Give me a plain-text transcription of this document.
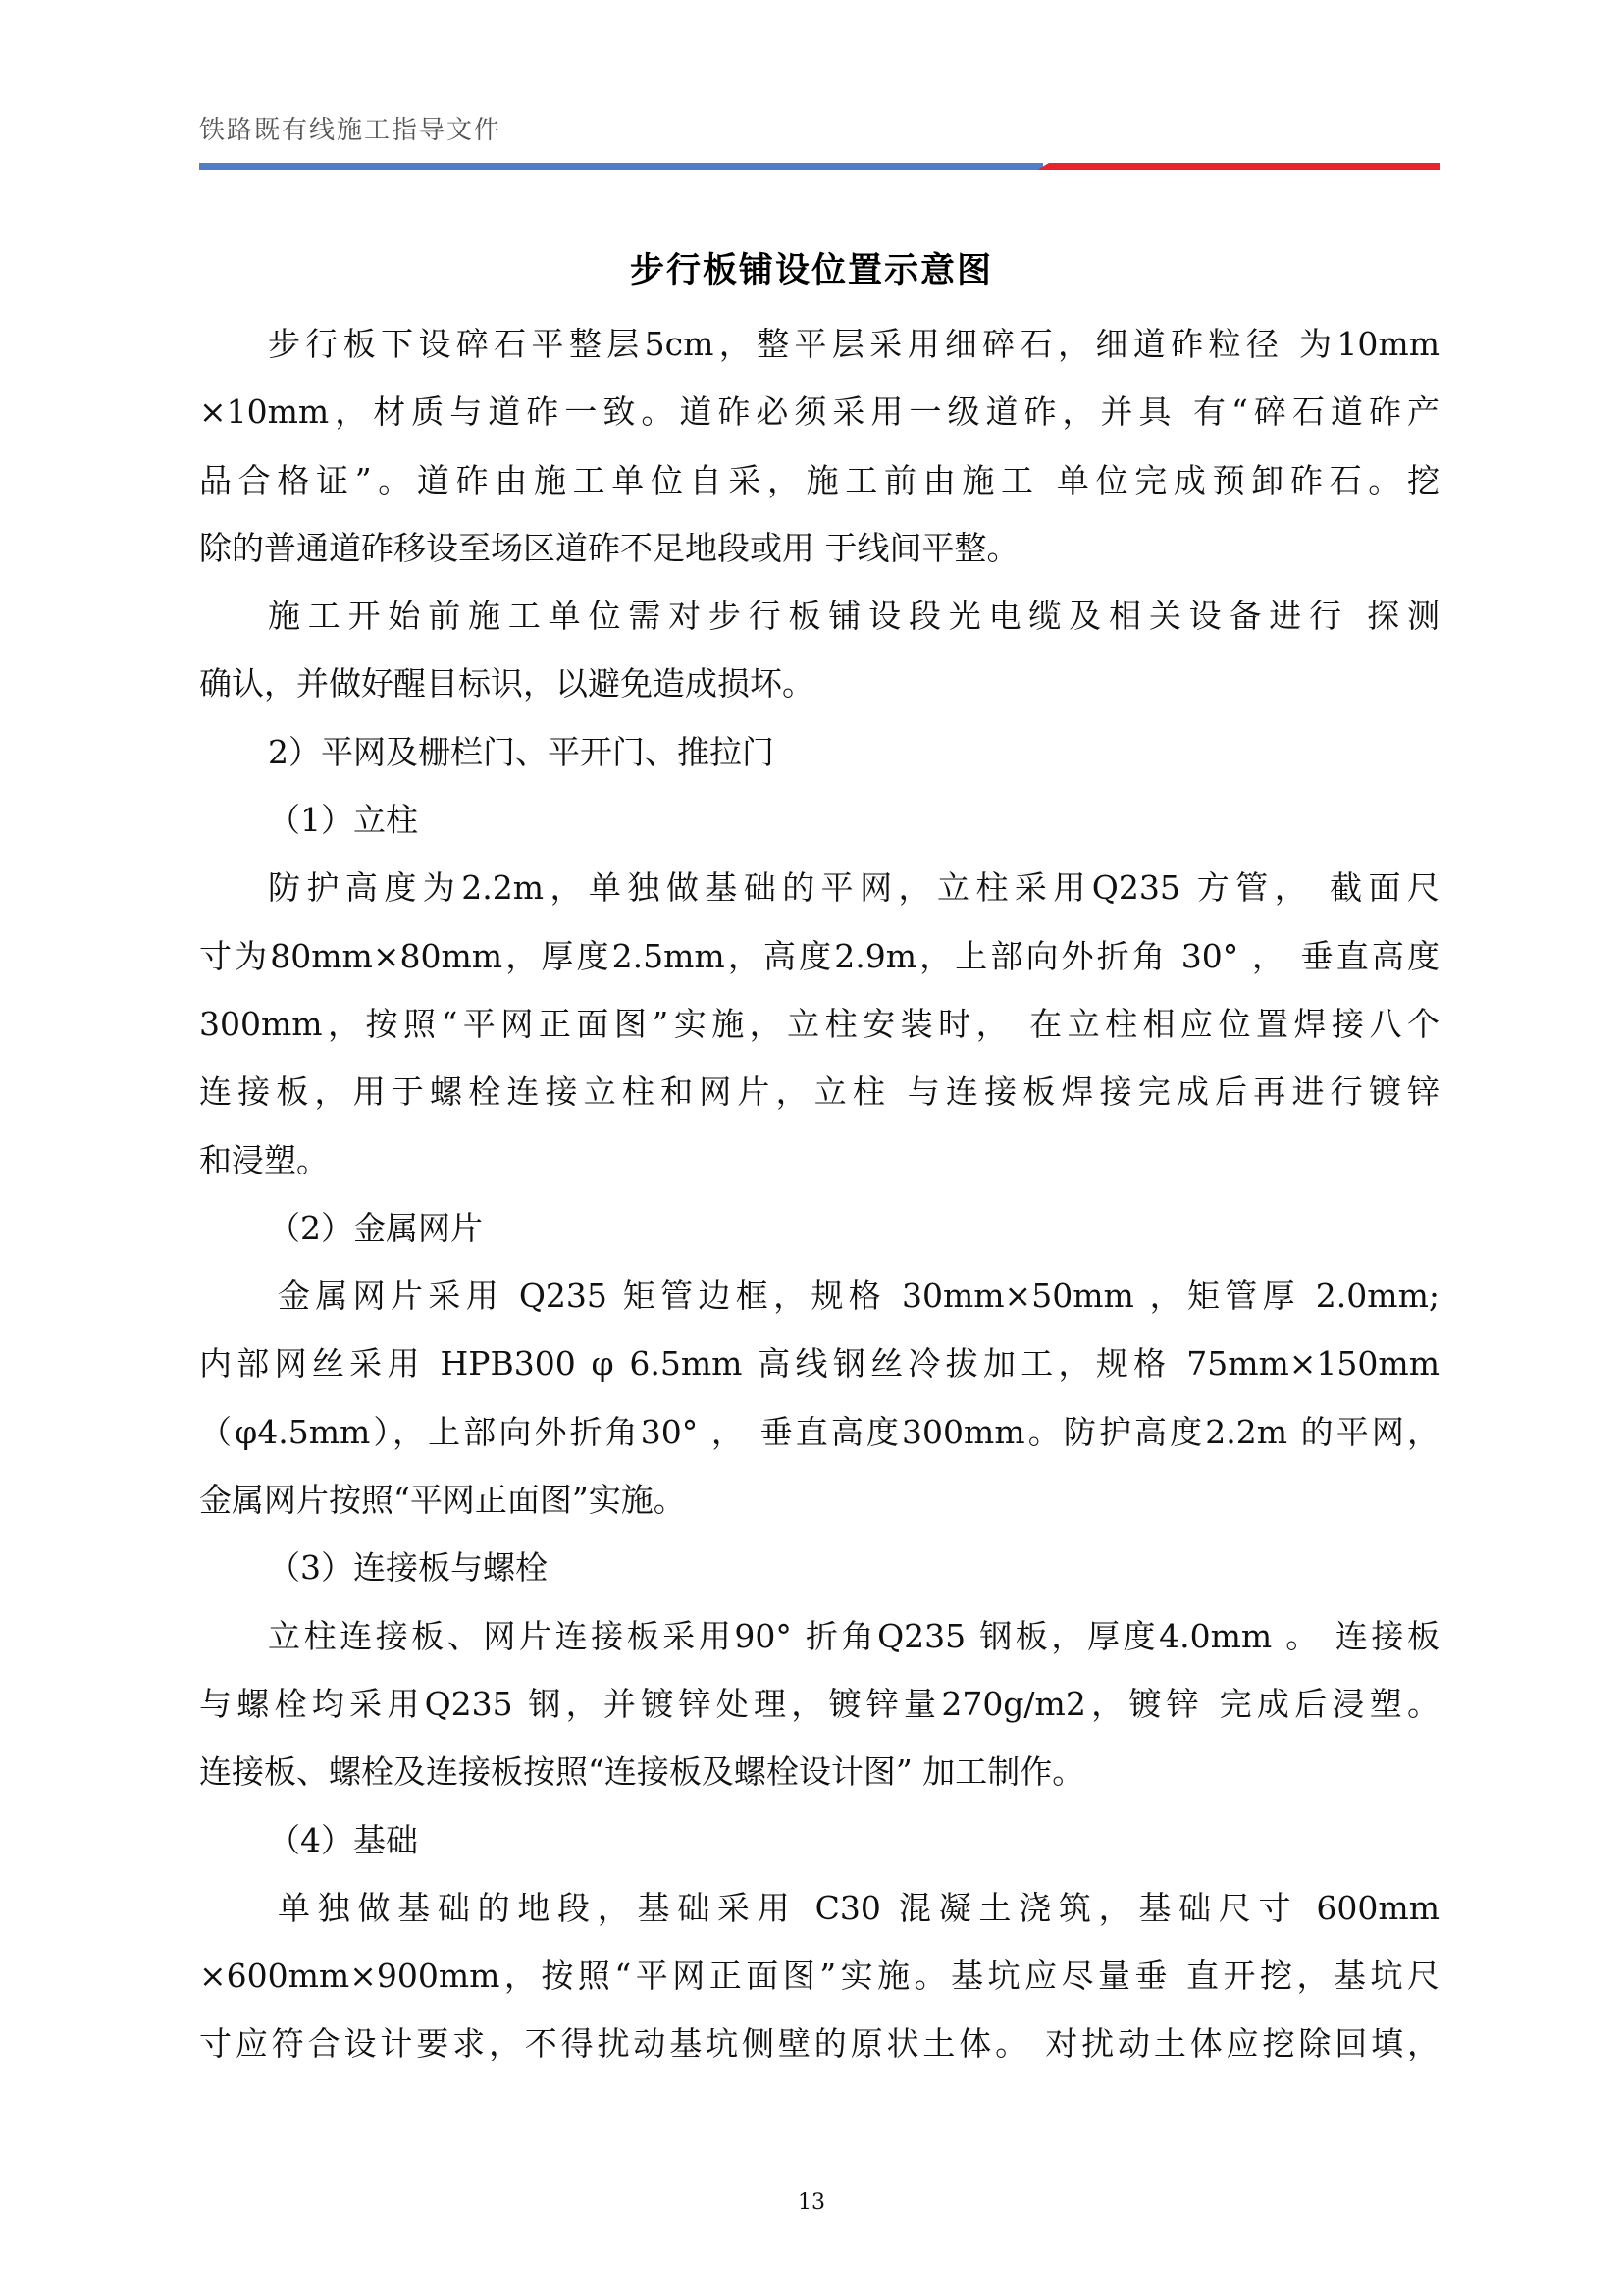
铁路既有线施工指导文件
步行板铺设位置示意图
步行板下设碎石平整层5cm，整平层采用细碎石，细道砟粒径 为10mm
×10mm，材质与道砟一致。道砟必须采用一级道砟，并具 有“碎石道砟产
品合格证”。道砟由施工单位自采，施工前由施工 单位完成预卸砟石。挖
除的普通道砟移设至场区道砟不足地段或用 于线间平整。
施工开始前施工单位需对步行板铺设段光电缆及相关设备进行 探测
确认，并做好醒目标识，以避免造成损坏。
2）平网及栅栏门、平开门、推拉门
（1）立柱
防护高度为2.2m，单独做基础的平网，立柱采用Q235 方管， 截面尺
寸为80mm×80mm，厚度2.5mm，高度2.9m，上部向外折角 30° ， 垂直高度
300mm，按照“平网正面图”实施，立柱安装时， 在立柱相应位置焊接八个
连接板，用于螺栓连接立柱和网片，立柱 与连接板焊接完成后再进行镀锌
和浸塑。
（2）金属网片
金属网片采用 Q235 矩管边框，规格 30mm×50mm ，矩管厚 2.0mm;
内部网丝采用 HPB300 φ 6.5mm 高线钢丝冷拔加工，规格 75mm×150mm
（φ4.5mm），上部向外折角30° ， 垂直高度300mm。防护高度2.2m 的平网，
金属网片按照“平网正面图”实施。
（3）连接板与螺栓
立柱连接板、网片连接板采用90° 折角Q235 钢板，厚度4.0mm 。 连接板
与螺栓均采用Q235 钢，并镀锌处理，镀锌量270g/m2，镀锌 完成后浸塑。
连接板、螺栓及连接板按照“连接板及螺栓设计图” 加工制作。
（4）基础
单独做基础的地段，基础采用 C30 混凝土浇筑，基础尺寸 600mm
×600mm×900mm，按照“平网正面图”实施。基坑应尽量垂 直开挖，基坑尺
寸应符合设计要求，不得扰动基坑侧壁的原状土体。 对扰动土体应挖除回填，
13
